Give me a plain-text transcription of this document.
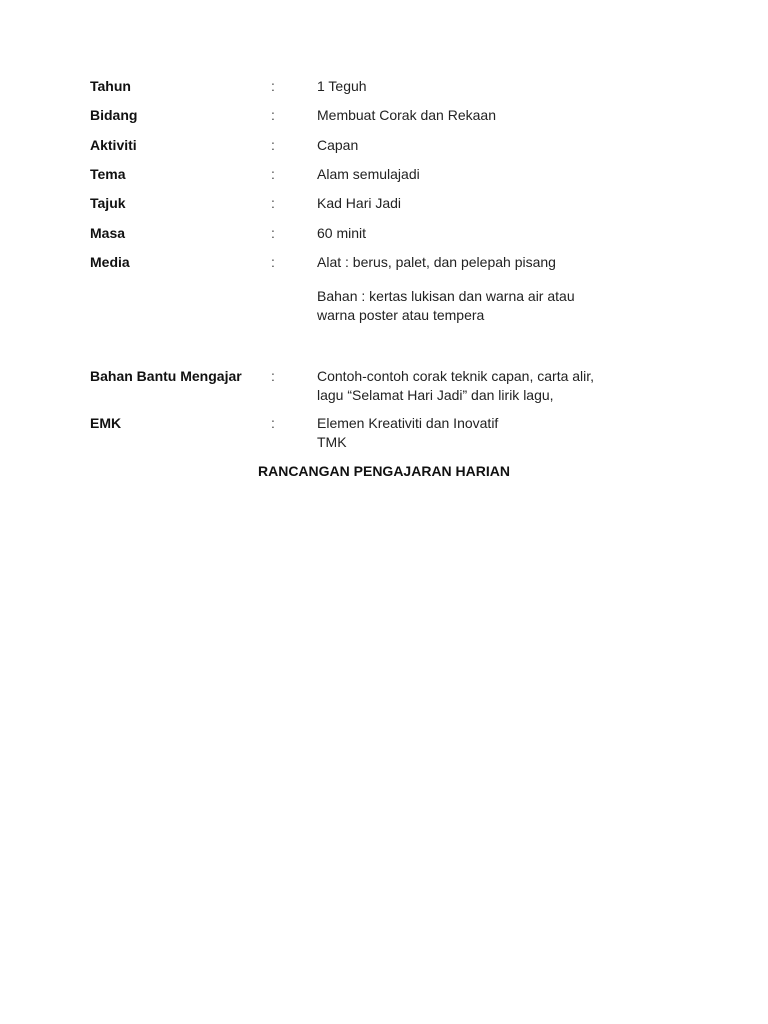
Tahun	:	1 Teguh
Bidang	:	Membuat Corak dan Rekaan
Aktiviti	:	Capan
Tema	:	Alam semulajadi
Tajuk	:	Kad Hari Jadi
Masa	:	60 minit
Media	:	Alat : berus, palet, dan pelepah pisang
Bahan : kertas lukisan dan warna air atau
warna poster atau tempera
Bahan Bantu Mengajar :	Contoh-contoh corak teknik capan, carta alir,
lagu “Selamat Hari Jadi” dan lirik lagu,
EMK	:	Elemen Kreativiti dan Inovatif
TMK
RANCANGAN PENGAJARAN HARIAN
